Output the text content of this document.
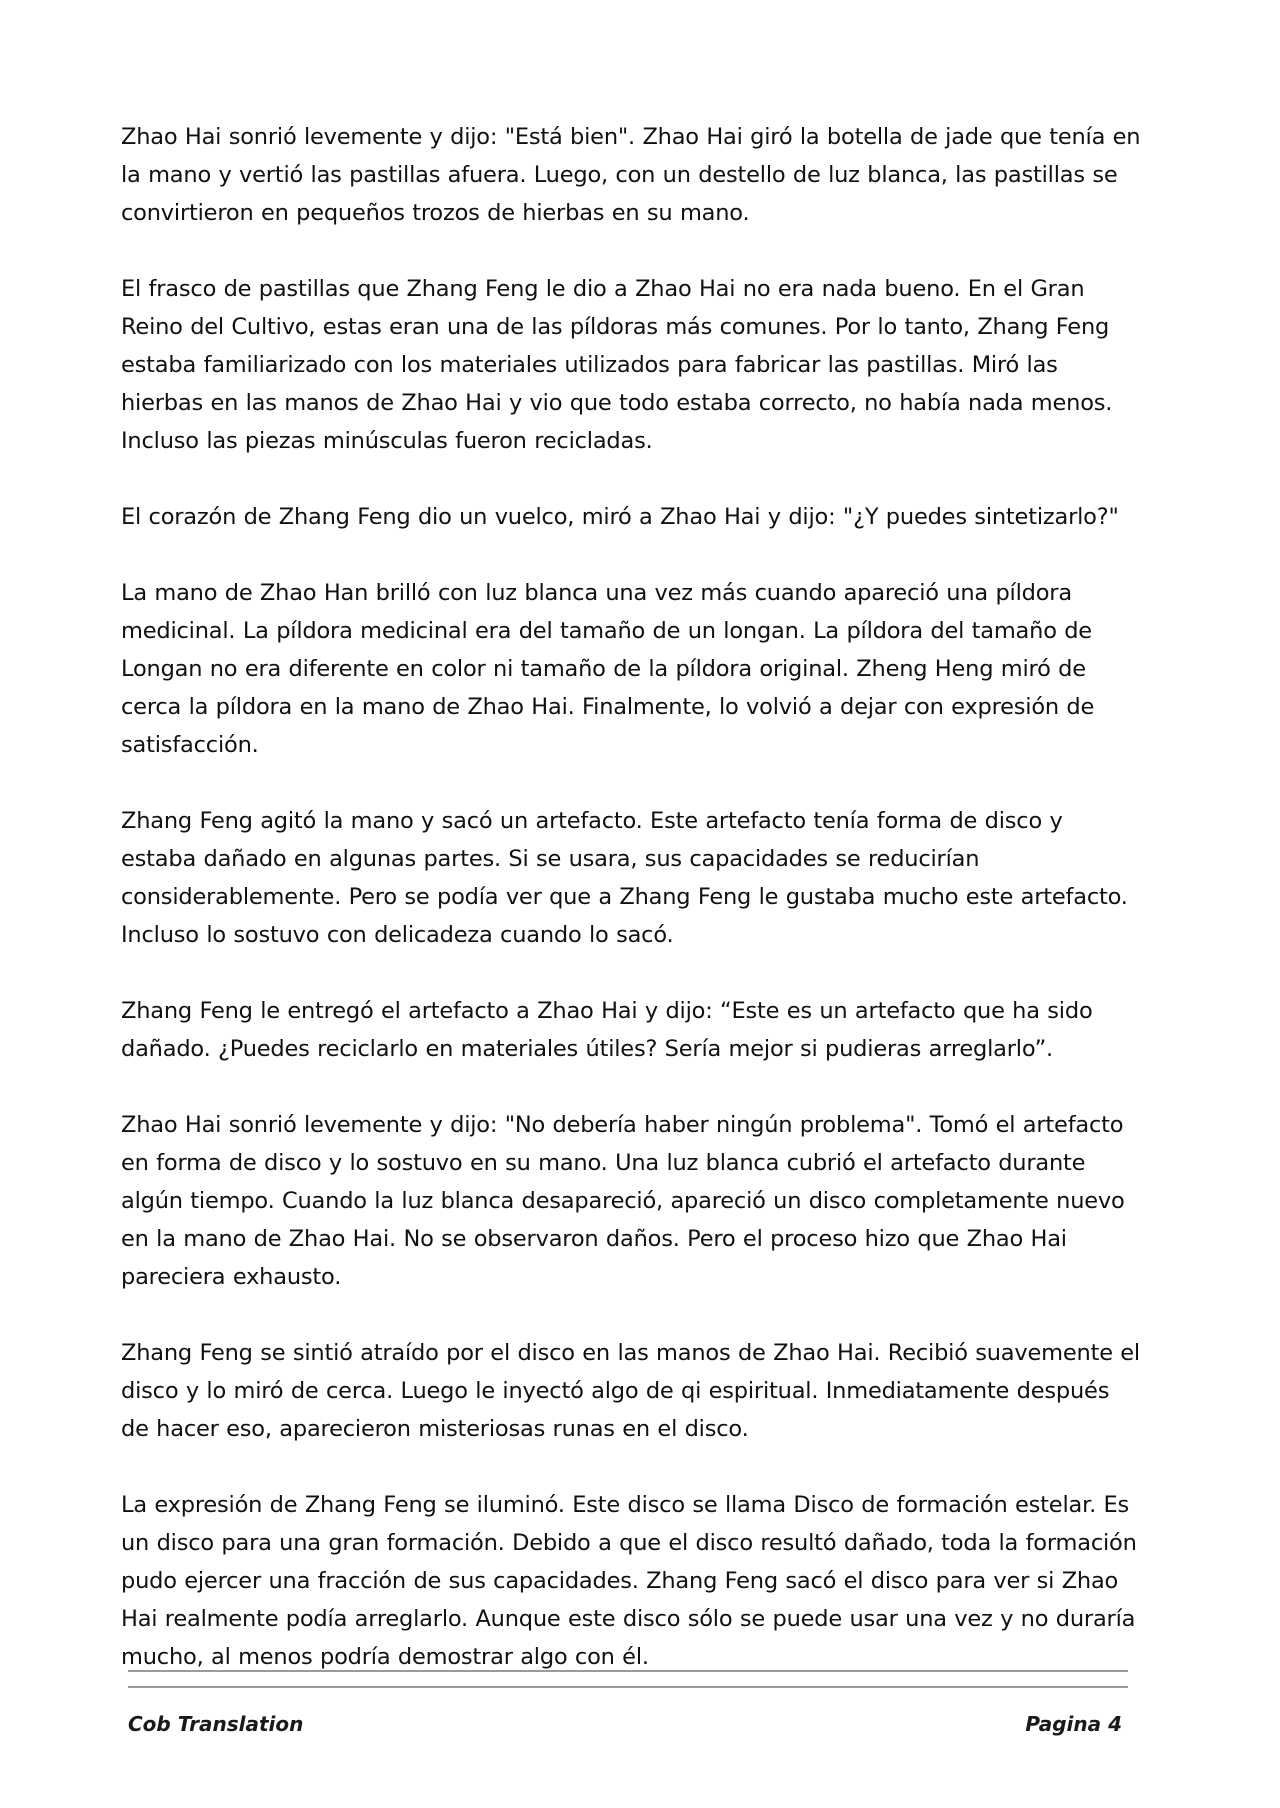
Zhao Hai sonrió levemente y dijo: "Está bien". Zhao Hai giró la botella de jade que tenía en la mano y vertió las pastillas afuera. Luego, con un destello de luz blanca, las pastillas se convirtieron en pequeños trozos de hierbas en su mano.

El frasco de pastillas que Zhang Feng le dio a Zhao Hai no era nada bueno. En el Gran Reino del Cultivo, estas eran una de las píldoras más comunes. Por lo tanto, Zhang Feng estaba familiarizado con los materiales utilizados para fabricar las pastillas. Miró las hierbas en las manos de Zhao Hai y vio que todo estaba correcto, no había nada menos. Incluso las piezas minúsculas fueron recicladas.

El corazón de Zhang Feng dio un vuelco, miró a Zhao Hai y dijo: "¿Y puedes sintetizarlo?"

La mano de Zhao Han brilló con luz blanca una vez más cuando apareció una píldora medicinal. La píldora medicinal era del tamaño de un longan. La píldora del tamaño de Longan no era diferente en color ni tamaño de la píldora original. Zheng Heng miró de cerca la píldora en la mano de Zhao Hai. Finalmente, lo volvió a dejar con expresión de satisfacción.

Zhang Feng agitó la mano y sacó un artefacto. Este artefacto tenía forma de disco y estaba dañado en algunas partes. Si se usara, sus capacidades se reducirían considerablemente. Pero se podía ver que a Zhang Feng le gustaba mucho este artefacto. Incluso lo sostuvo con delicadeza cuando lo sacó.

Zhang Feng le entregó el artefacto a Zhao Hai y dijo: “Este es un artefacto que ha sido dañado. ¿Puedes reciclarlo en materiales útiles? Sería mejor si pudieras arreglarlo”.

Zhao Hai sonrió levemente y dijo: "No debería haber ningún problema". Tomó el artefacto en forma de disco y lo sostuvo en su mano. Una luz blanca cubrió el artefacto durante algún tiempo. Cuando la luz blanca desapareció, apareció un disco completamente nuevo en la mano de Zhao Hai. No se observaron daños. Pero el proceso hizo que Zhao Hai pareciera exhausto.

Zhang Feng se sintió atraído por el disco en las manos de Zhao Hai. Recibió suavemente el disco y lo miró de cerca. Luego le inyectó algo de qi espiritual. Inmediatamente después de hacer eso, aparecieron misteriosas runas en el disco.

La expresión de Zhang Feng se iluminó. Este disco se llama Disco de formación estelar. Es un disco para una gran formación. Debido a que el disco resultó dañado, toda la formación pudo ejercer una fracción de sus capacidades. Zhang Feng sacó el disco para ver si Zhao Hai realmente podía arreglarlo. Aunque este disco sólo se puede usar una vez y no duraría mucho, al menos podría demostrar algo con él.

Cob Translation	Pagina 4
